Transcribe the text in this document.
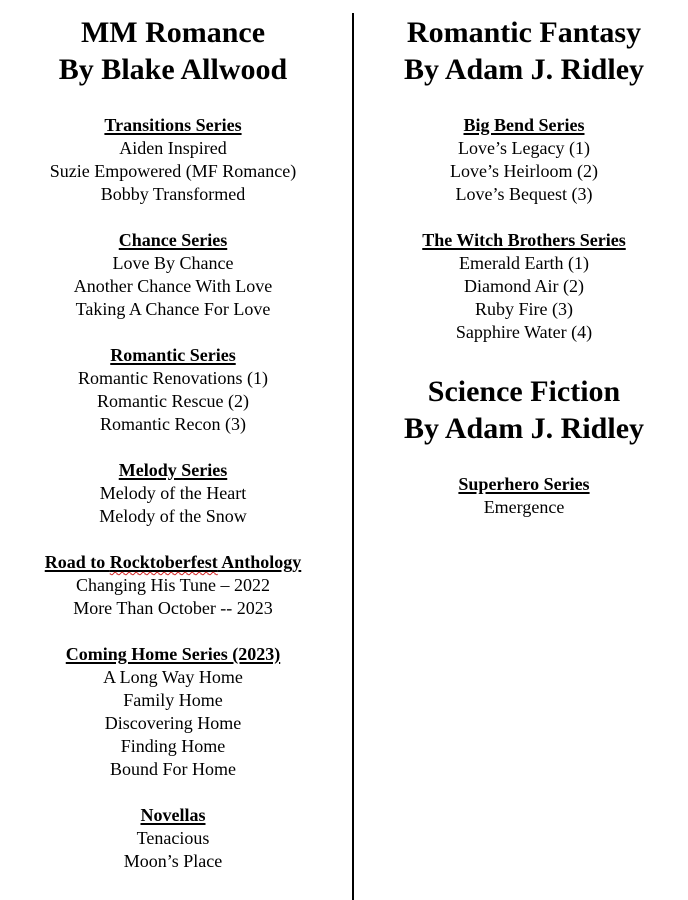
MM Romance
By Blake Allwood
Transitions Series
Aiden Inspired
Suzie Empowered (MF Romance)
Bobby Transformed
Chance Series
Love By Chance
Another Chance With Love
Taking A Chance For Love
Romantic Series
Romantic Renovations (1)
Romantic Rescue (2)
Romantic Recon (3)
Melody Series
Melody of the Heart
Melody of the Snow
Road to Rocktoberfest Anthology
Changing His Tune – 2022
More Than October -- 2023
Coming Home Series (2023)
A Long Way Home
Family Home
Discovering Home
Finding Home
Bound For Home
Novellas
Tenacious
Moon’s Place
Romantic Fantasy
By Adam J. Ridley
Big Bend Series
Love’s Legacy (1)
Love’s Heirloom (2)
Love’s Bequest (3)
The Witch Brothers Series
Emerald Earth (1)
Diamond Air (2)
Ruby Fire (3)
Sapphire Water (4)
Science Fiction
By Adam J. Ridley
Superhero Series
Emergence
